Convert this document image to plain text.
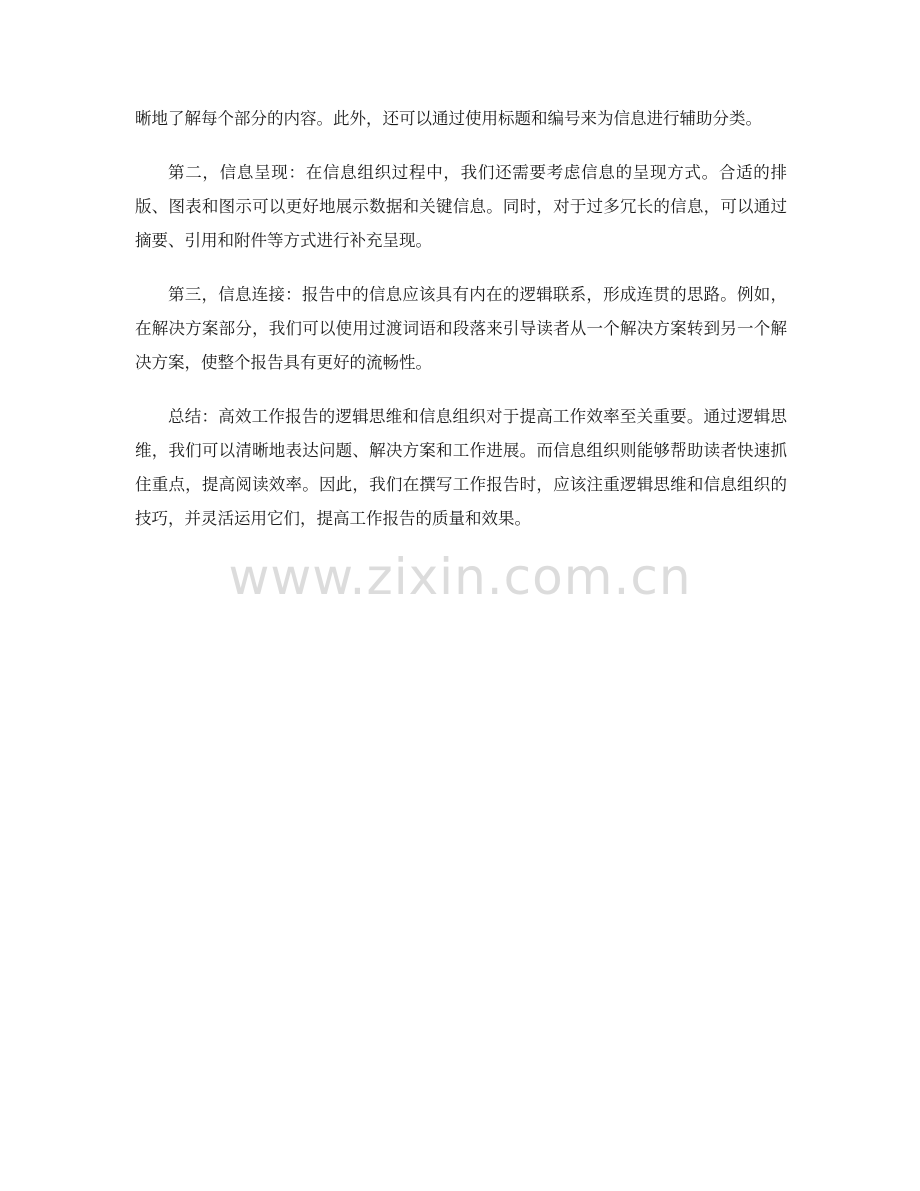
晰地了解每个部分的内容。此外，还可以通过使用标题和编号来为信息进行辅助分类。

第二，信息呈现：在信息组织过程中，我们还需要考虑信息的呈现方式。合适的排版、图表和图示可以更好地展示数据和关键信息。同时，对于过多冗长的信息，可以通过摘要、引用和附件等方式进行补充呈现。

第三，信息连接：报告中的信息应该具有内在的逻辑联系，形成连贯的思路。例如，在解决方案部分，我们可以使用过渡词语和段落来引导读者从一个解决方案转到另一个解决方案，使整个报告具有更好的流畅性。

总结：高效工作报告的逻辑思维和信息组织对于提高工作效率至关重要。通过逻辑思维，我们可以清晰地表达问题、解决方案和工作进展。而信息组织则能够帮助读者快速抓住重点，提高阅读效率。因此，我们在撰写工作报告时，应该注重逻辑思维和信息组织的技巧，并灵活运用它们，提高工作报告的质量和效果。

www.zixin.com.cn
